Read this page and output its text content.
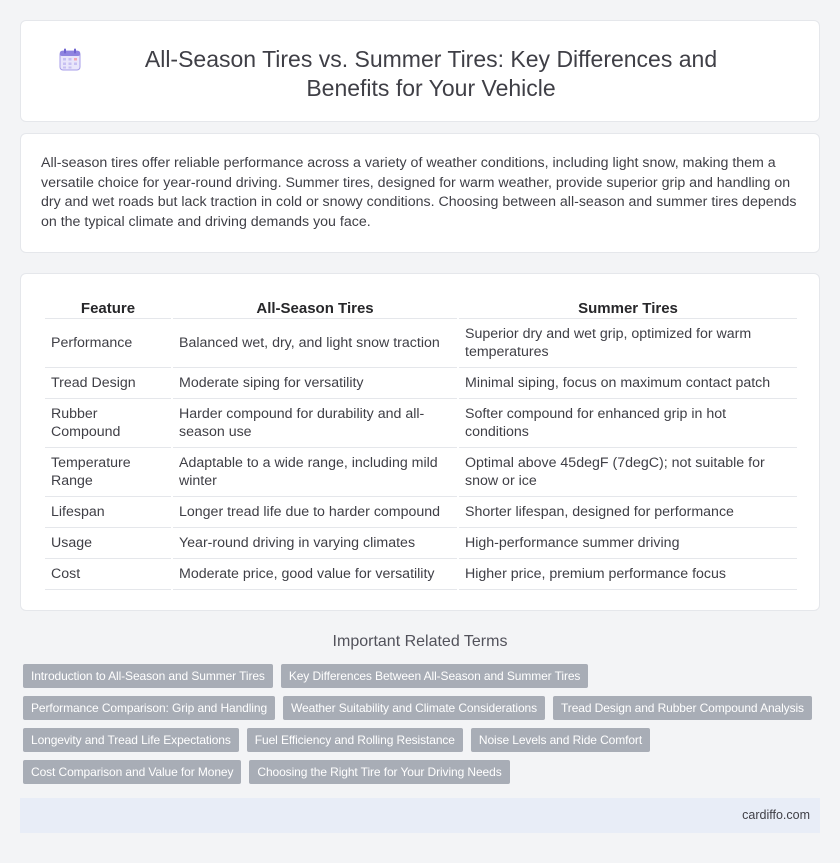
All-Season Tires vs. Summer Tires: Key Differences and Benefits for Your Vehicle

All-season tires offer reliable performance across a variety of weather conditions, including light snow, making them a versatile choice for year-round driving. Summer tires, designed for warm weather, provide superior grip and handling on dry and wet roads but lack traction in cold or snowy conditions. Choosing between all-season and summer tires depends on the typical climate and driving demands you face.

Feature	All-Season Tires	Summer Tires
Performance	Balanced wet, dry, and light snow traction	Superior dry and wet grip, optimized for warm temperatures
Tread Design	Moderate siping for versatility	Minimal siping, focus on maximum contact patch
Rubber Compound	Harder compound for durability and all-season use	Softer compound for enhanced grip in hot conditions
Temperature Range	Adaptable to a wide range, including mild winter	Optimal above 45degF (7degC); not suitable for snow or ice
Lifespan	Longer tread life due to harder compound	Shorter lifespan, designed for performance
Usage	Year-round driving in varying climates	High-performance summer driving
Cost	Moderate price, good value for versatility	Higher price, premium performance focus
Important Related Terms
Introduction to All-Season and Summer Tires	Key Differences Between All-Season and Summer Tires
Performance Comparison: Grip and Handling	Weather Suitability and Climate Considerations	Tread Design and Rubber Compound Analysis
Longevity and Tread Life Expectations	Fuel Efficiency and Rolling Resistance	Noise Levels and Ride Comfort
Cost Comparison and Value for Money	Choosing the Right Tire for Your Driving Needs
cardiffo.com
